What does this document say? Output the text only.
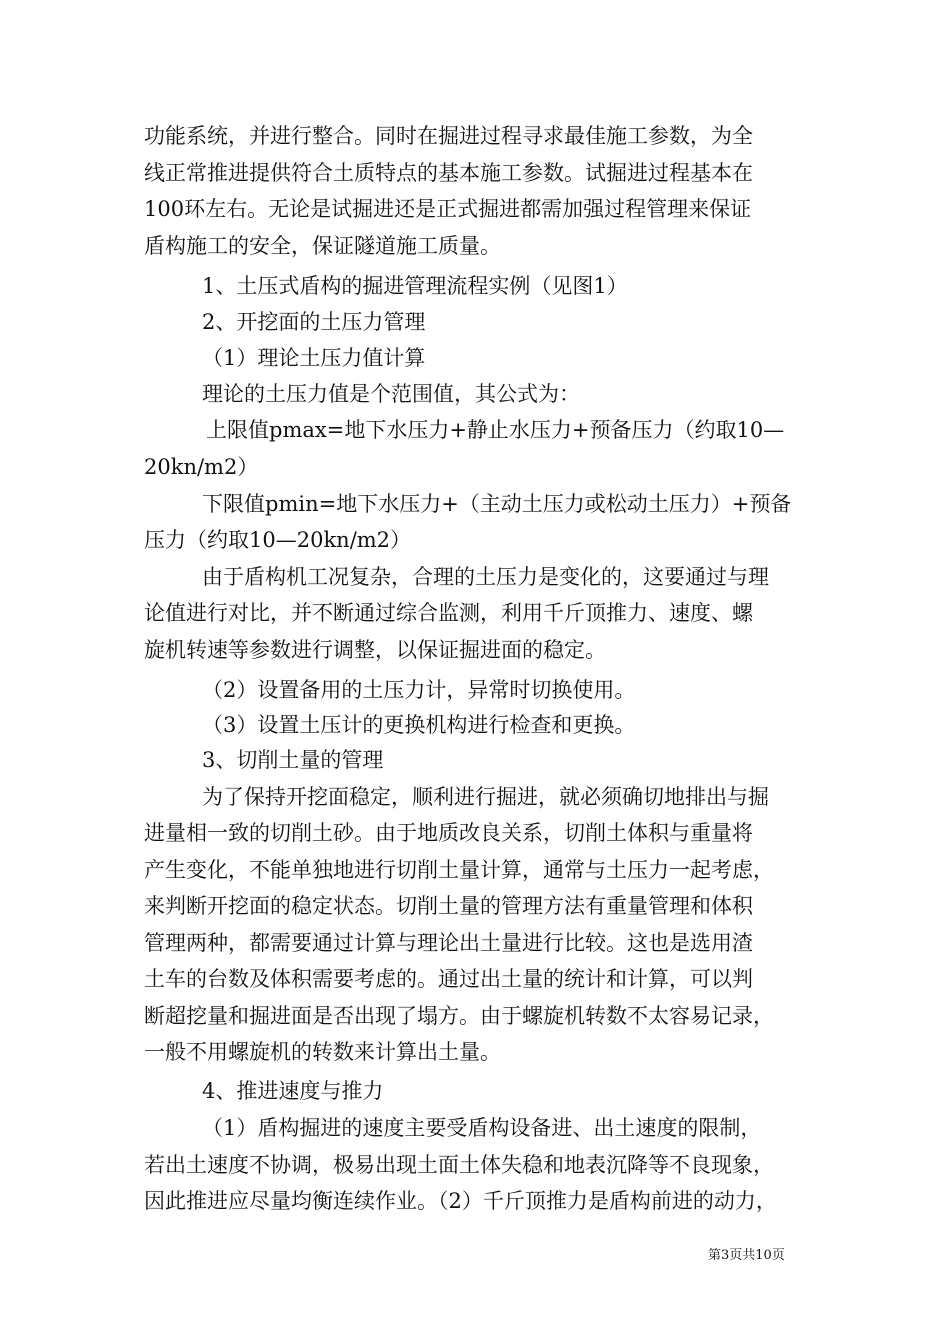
功能系统，并进行整合。同时在掘进过程寻求最佳施工参数，为全
线正常推进提供符合土质特点的基本施工参数。试掘进过程基本在
100环左右。无论是试掘进还是正式掘进都需加强过程管理来保证
盾构施工的安全，保证隧道施工质量。
1、土压式盾构的掘进管理流程实例（见图1）
2、开挖面的土压力管理
（1）理论土压力值计算
理论的土压力值是个范围值，其公式为：
上限值pmax=地下水压力+静止水压力+预备压力（约取10—
20kn/m2）
下限值pmin=地下水压力+（主动土压力或松动土压力）+预备
压力（约取10—20kn/m2）
由于盾构机工况复杂，合理的土压力是变化的，这要通过与理
论值进行对比，并不断通过综合监测，利用千斤顶推力、速度、螺
旋机转速等参数进行调整，以保证掘进面的稳定。
（2）设置备用的土压力计，异常时切换使用。
（3）设置土压计的更换机构进行检查和更换。
3、切削土量的管理
为了保持开挖面稳定，顺利进行掘进，就必须确切地排出与掘
进量相一致的切削土砂。由于地质改良关系，切削土体积与重量将
产生变化，不能单独地进行切削土量计算，通常与土压力一起考虑，
来判断开挖面的稳定状态。切削土量的管理方法有重量管理和体积
管理两种，都需要通过计算与理论出土量进行比较。这也是选用渣
土车的台数及体积需要考虑的。通过出土量的统计和计算，可以判
断超挖量和掘进面是否出现了塌方。由于螺旋机转数不太容易记录，
一般不用螺旋机的转数来计算出土量。
4、推进速度与推力
（1）盾构掘进的速度主要受盾构设备进、出土速度的限制，
若出土速度不协调，极易出现土面土体失稳和地表沉降等不良现象，
因此推进应尽量均衡连续作业。（2）千斤顶推力是盾构前进的动力，
第3页共10页
